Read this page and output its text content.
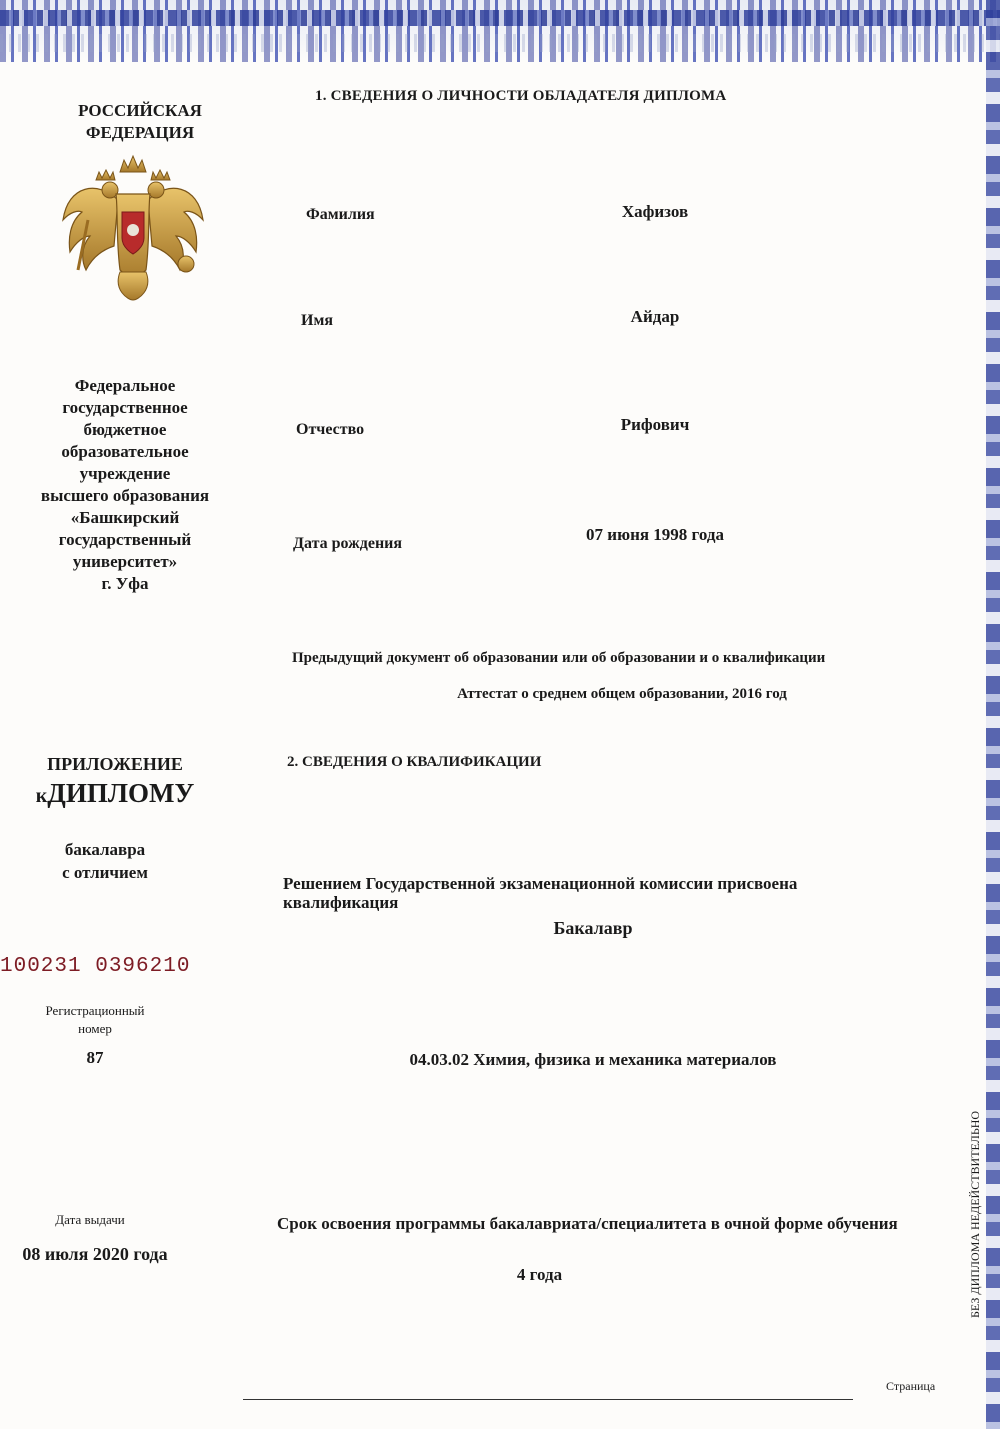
РОССИЙСКАЯ
ФЕДЕРАЦИЯ
Федеральное
государственное
бюджетное
образовательное
учреждение
высшего образования
«Башкирский
государственный
университет»
г. Уфа
ПРИЛОЖЕНИЕ
кДИПЛОМУ
бакалавра
с отличием
100231 0396210
Регистрационный
номер
87
Дата выдачи
08 июля 2020 года
1. СВЕДЕНИЯ О ЛИЧНОСТИ ОБЛАДАТЕЛЯ ДИПЛОМА
Фамилия	Хафизов
Имя	Айдар
Отчество	Рифович
Дата рождения	07 июня 1998 года
Предыдущий документ об образовании или об образовании и о квалификации
Аттестат о среднем общем образовании, 2016 год
2. СВЕДЕНИЯ О КВАЛИФИКАЦИИ
Решением Государственной экзаменационной комиссии присвоена квалификация
Бакалавр
04.03.02 Химия, физика и механика материалов
Срок освоения программы бакалавриата/специалитета в очной форме обучения
4 года
Страница
БЕЗ ДИПЛОМА НЕДЕЙСТВИТЕЛЬНО
